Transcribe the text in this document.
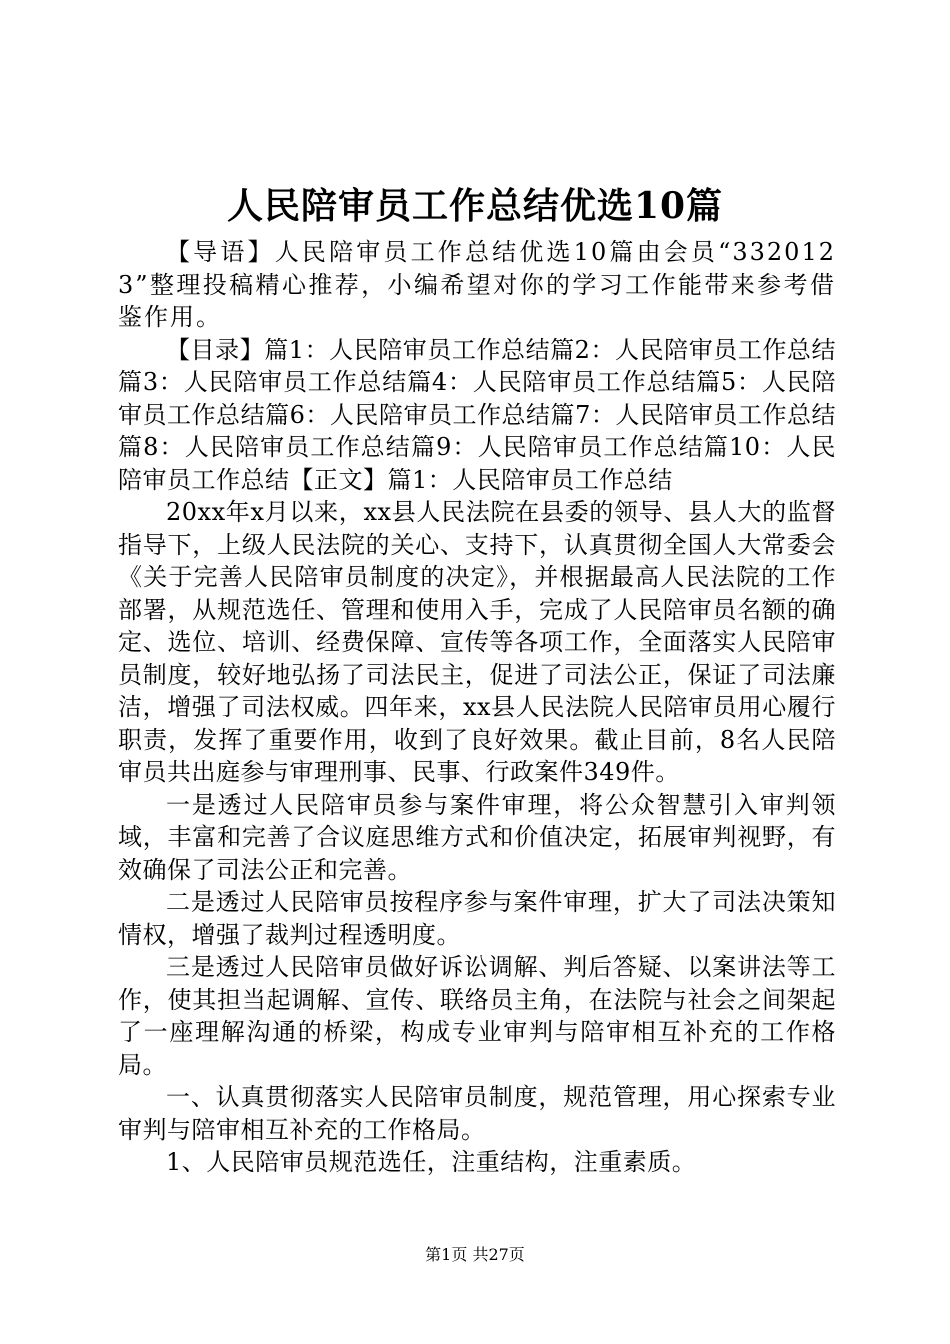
人民陪审员工作总结优选10篇

【导语】人民陪审员工作总结优选10篇由会员“3320123”整理投稿精心推荐，小编希望对你的学习工作能带来参考借鉴作用。

【目录】篇1：人民陪审员工作总结篇2：人民陪审员工作总结篇3：人民陪审员工作总结篇4：人民陪审员工作总结篇5：人民陪审员工作总结篇6：人民陪审员工作总结篇7：人民陪审员工作总结篇8：人民陪审员工作总结篇9：人民陪审员工作总结篇10：人民陪审员工作总结【正文】篇1：人民陪审员工作总结

20xx年x月以来，xx县人民法院在县委的领导、县人大的监督指导下，上级人民法院的关心、支持下，认真贯彻全国人大常委会《关于完善人民陪审员制度的决定》，并根据最高人民法院的工作部署，从规范选任、管理和使用入手，完成了人民陪审员名额的确定、选位、培训、经费保障、宣传等各项工作，全面落实人民陪审员制度，较好地弘扬了司法民主，促进了司法公正，保证了司法廉洁，增强了司法权威。四年来，xx县人民法院人民陪审员用心履行职责，发挥了重要作用，收到了良好效果。截止目前，8名人民陪审员共出庭参与审理刑事、民事、行政案件349件。

一是透过人民陪审员参与案件审理，将公众智慧引入审判领域，丰富和完善了合议庭思维方式和价值决定，拓展审判视野，有效确保了司法公正和完善。

二是透过人民陪审员按程序参与案件审理，扩大了司法决策知情权，增强了裁判过程透明度。

三是透过人民陪审员做好诉讼调解、判后答疑、以案讲法等工作，使其担当起调解、宣传、联络员主角，在法院与社会之间架起了一座理解沟通的桥梁，构成专业审判与陪审相互补充的工作格局。

一、认真贯彻落实人民陪审员制度，规范管理，用心探索专业审判与陪审相互补充的工作格局。

1、人民陪审员规范选任，注重结构，注重素质。

第1页 共27页
